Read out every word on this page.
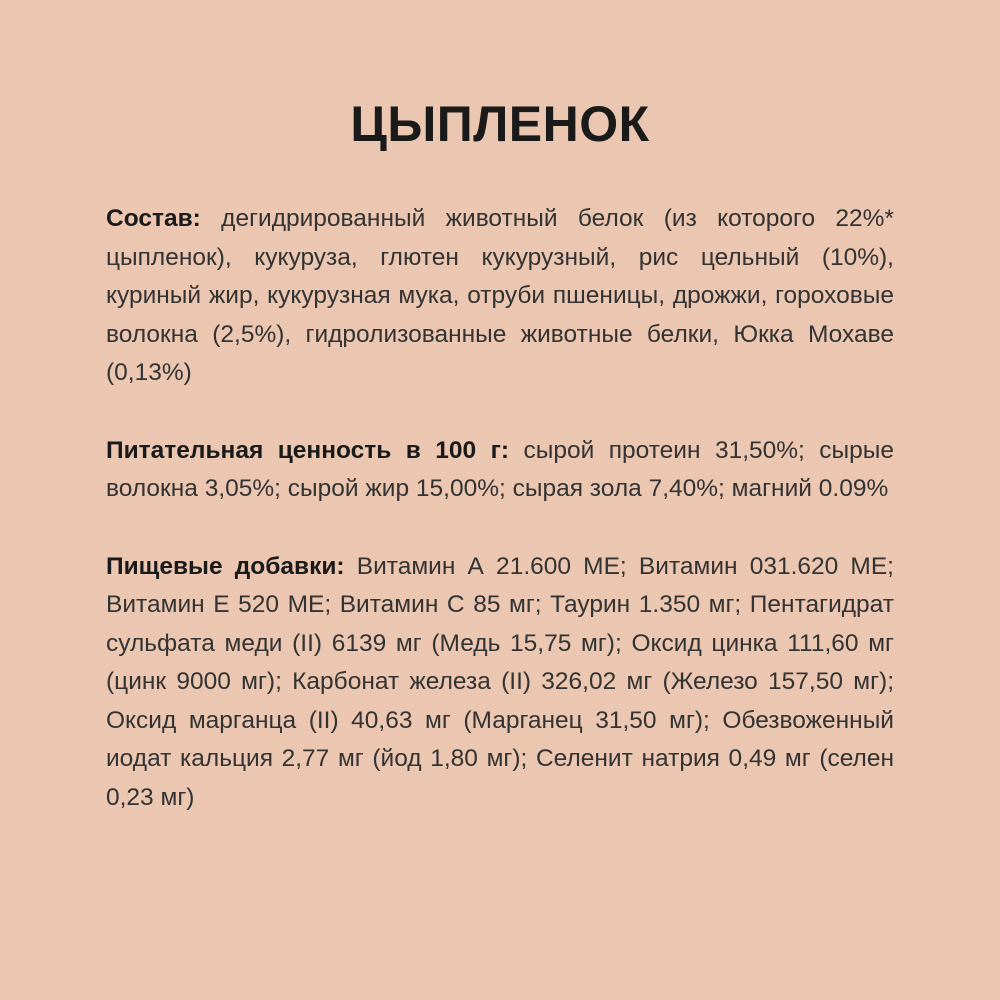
ЦЫПЛЕНОК

Состав: дегидрированный животный белок (из которого 22%* цыпленок), кукуруза, глютен кукурузный, рис цельный (10%), куриный жир, кукурузная мука, отруби пшеницы, дрожжи, гороховые волокна (2,5%), гидролизованные животные белки, Юкка Мохаве (0,13%)

Питательная ценность в 100 г: сырой протеин 31,50%; сырые волокна 3,05%; сырой жир 15,00%; сырая зола 7,40%; магний 0.09%

Пищевые добавки: Витамин А 21.600 МЕ; Витамин 031.620 МЕ; Витамин Е 520 МЕ; Витамин С 85 мг; Таурин 1.350 мг; Пентагидрат сульфата меди (II) 6139 мг (Медь 15,75 мг); Оксид цинка 111,60 мг (цинк 9000 мг); Карбонат железа (II) 326,02 мг (Железо 157,50 мг); Оксид марганца (II) 40,63 мг (Марганец 31,50 мг); Обезвоженный иодат кальция 2,77 мг (йод 1,80 мг); Селенит натрия 0,49 мг (селен 0,23 мг)
